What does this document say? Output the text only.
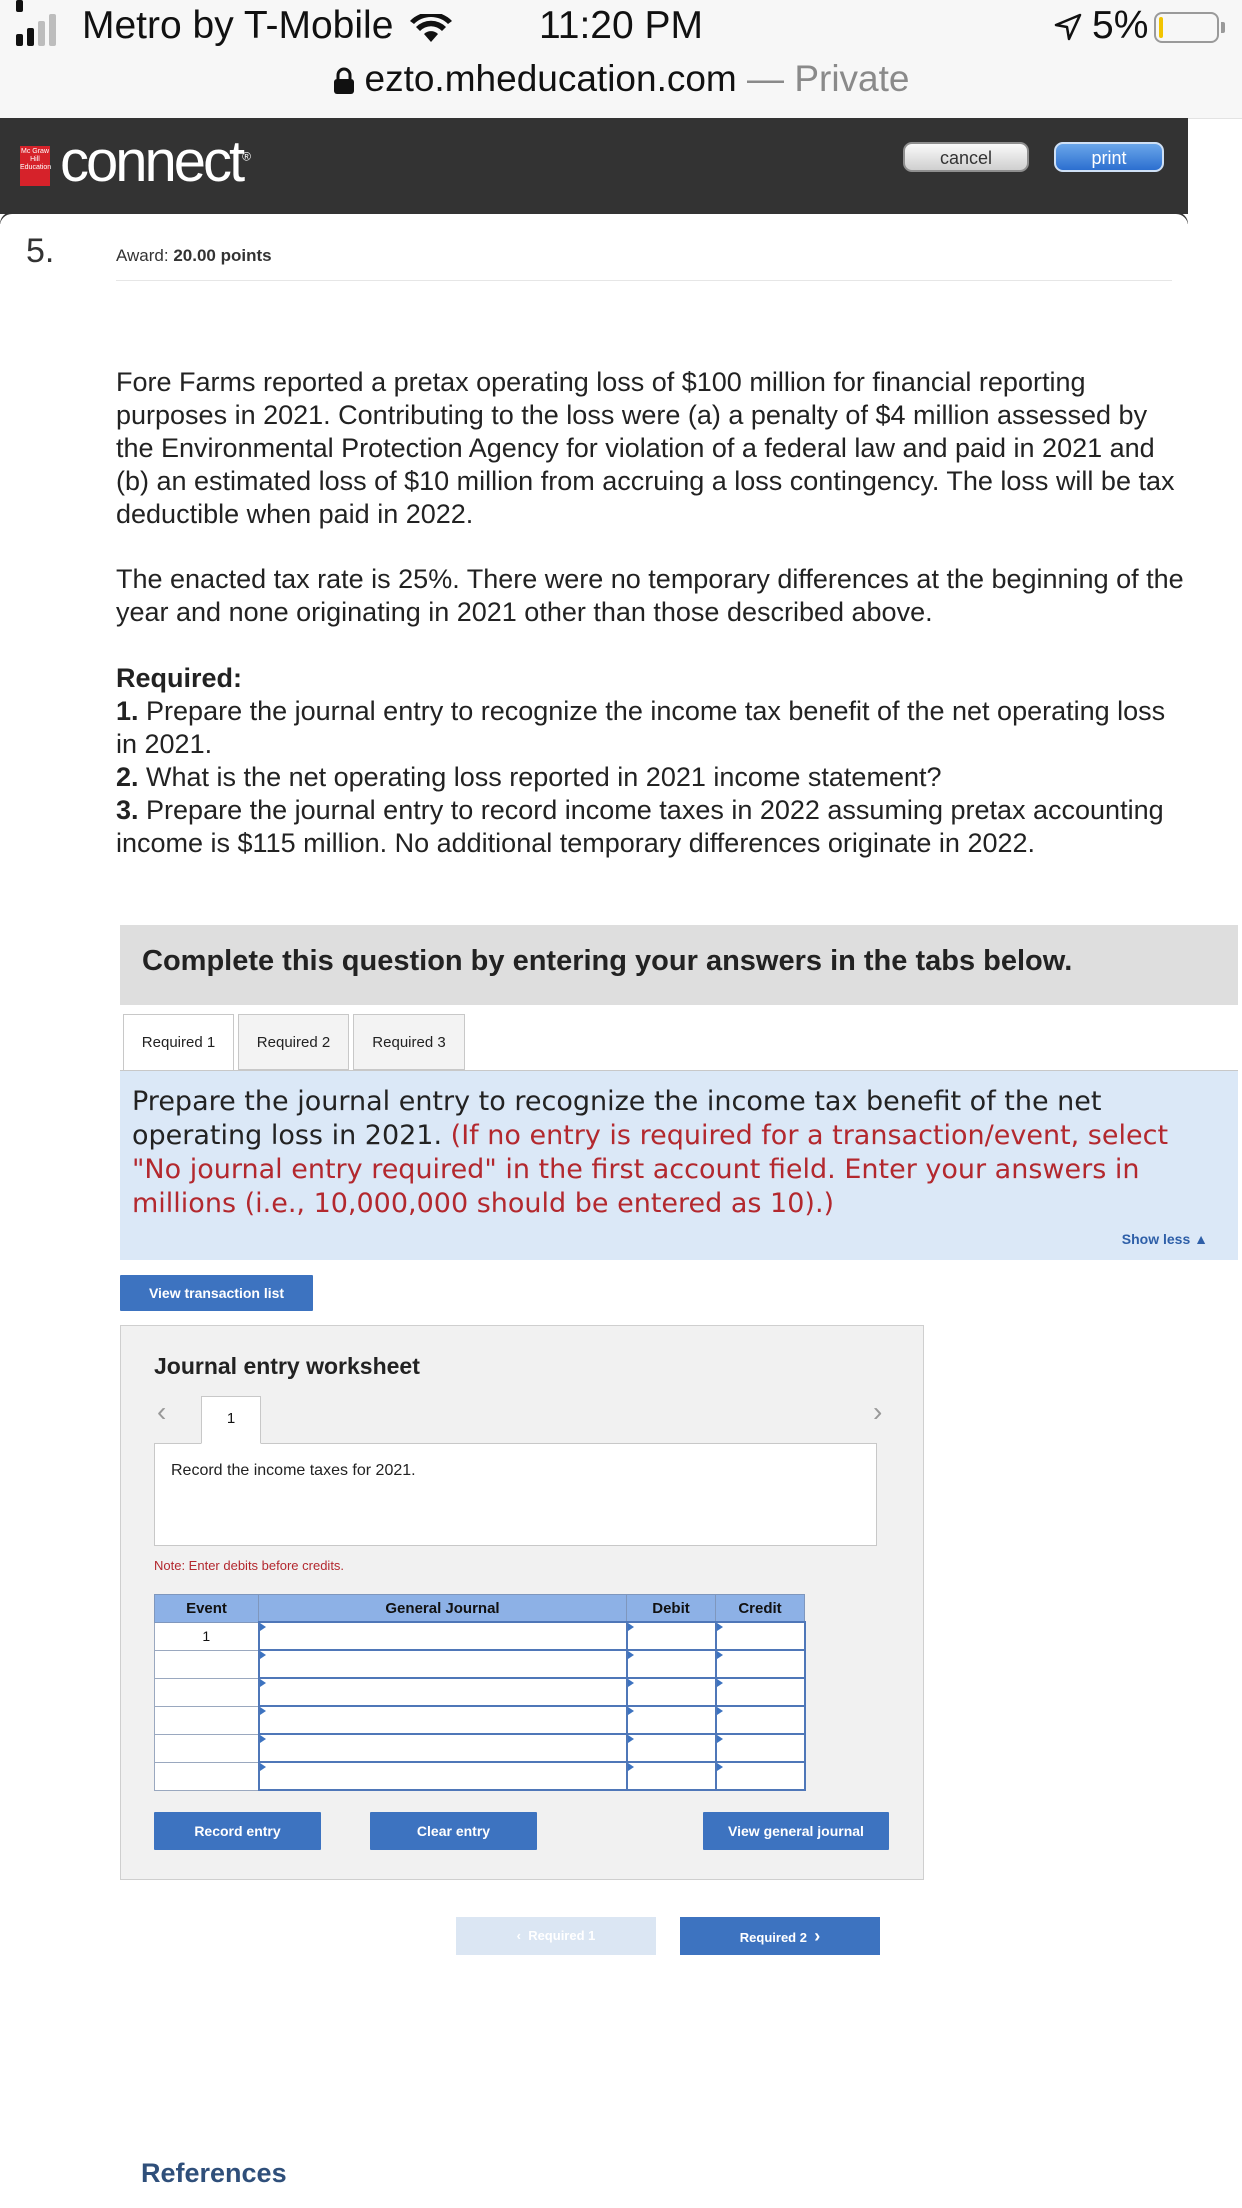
Metro by T-Mobile	11:20 PM	5%
ezto.mheducation.com — Private
Mc Graw Hill Education connect®	cancel	print
5.	Award: 20.00 points
Fore Farms reported a pretax operating loss of $100 million for financial reporting purposes in 2021. Contributing to the loss were (a) a penalty of $4 million assessed by the Environmental Protection Agency for violation of a federal law and paid in 2021 and (b) an estimated loss of $10 million from accruing a loss contingency. The loss will be tax deductible when paid in 2022.
The enacted tax rate is 25%. There were no temporary differences at the beginning of the year and none originating in 2021 other than those described above.
Required:
1. Prepare the journal entry to recognize the income tax benefit of the net operating loss in 2021.
2. What is the net operating loss reported in 2021 income statement?
3. Prepare the journal entry to record income taxes in 2022 assuming pretax accounting income is $115 million. No additional temporary differences originate in 2022.
Complete this question by entering your answers in the tabs below.
Required 1	Required 2	Required 3
Prepare the journal entry to recognize the income tax benefit of the net operating loss in 2021. (If no entry is required for a transaction/event, select "No journal entry required" in the first account field. Enter your answers in millions (i.e., 10,000,000 should be entered as 10).)
Show less ▲
View transaction list
Journal entry worksheet
‹	1	›
Record the income taxes for 2021.
Note: Enter debits before credits.
Event	General Journal	Debit	Credit
1			

Record entry	Clear entry	View general journal
‹ Required 1	Required 2 ›
References
